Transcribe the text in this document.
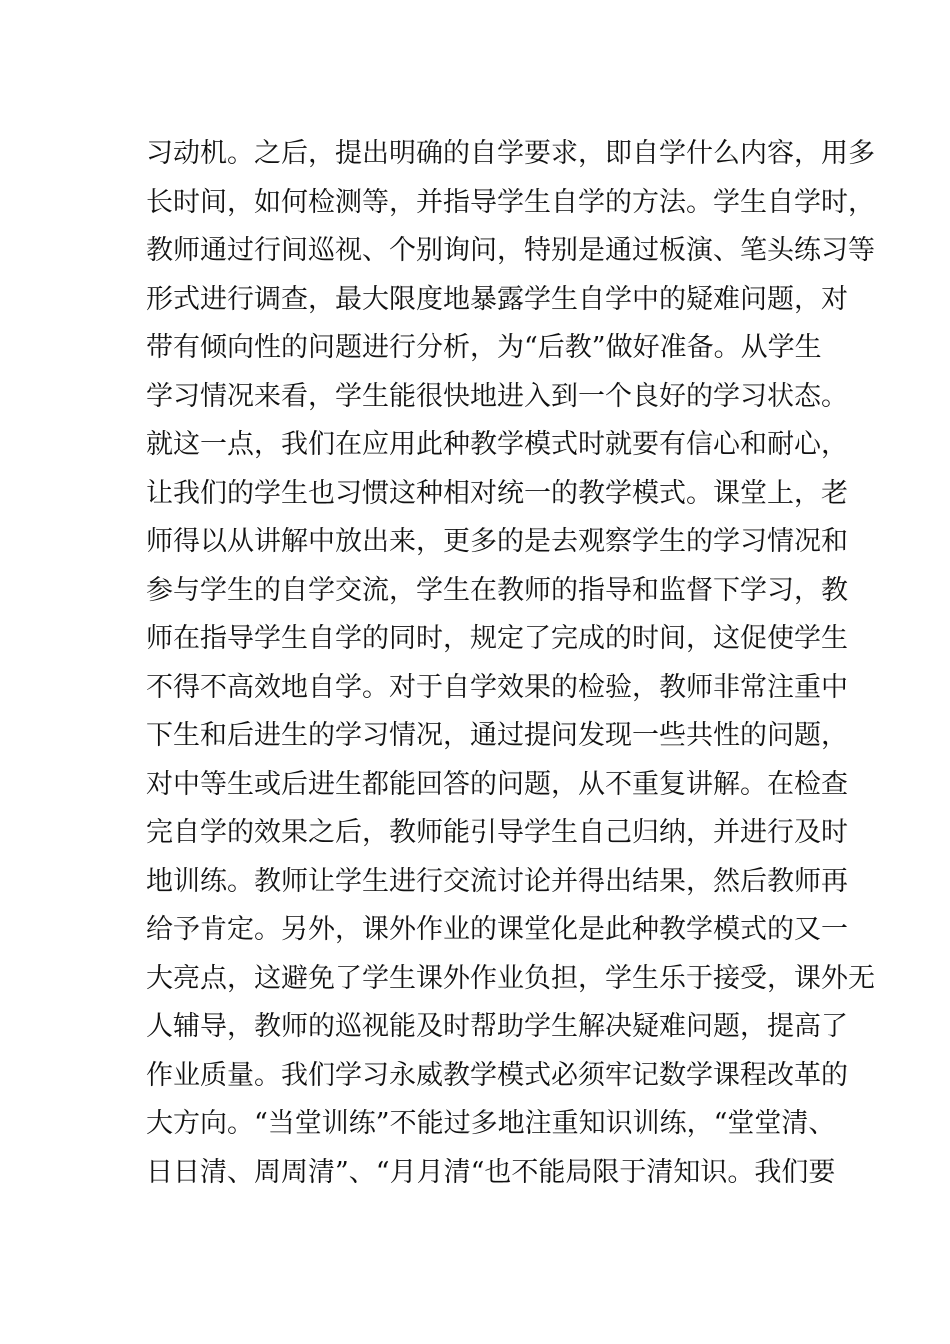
习动机。之后，提出明确的自学要求，即自学什么内容，用多
长时间，如何检测等，并指导学生自学的方法。学生自学时，
教师通过行间巡视、个别询问，特别是通过板演、笔头练习等
形式进行调查，最大限度地暴露学生自学中的疑难问题，对
带有倾向性的问题进行分析，为“后教”做好准备。从学生
学习情况来看，学生能很快地进入到一个良好的学习状态。
就这一点，我们在应用此种教学模式时就要有信心和耐心，
让我们的学生也习惯这种相对统一的教学模式。课堂上，老
师得以从讲解中放出来，更多的是去观察学生的学习情况和
参与学生的自学交流，学生在教师的指导和监督下学习，教
师在指导学生自学的同时，规定了完成的时间，这促使学生
不得不高效地自学。对于自学效果的检验，教师非常注重中
下生和后进生的学习情况，通过提问发现一些共性的问题，
对中等生或后进生都能回答的问题，从不重复讲解。在检查
完自学的效果之后，教师能引导学生自己归纳，并进行及时
地训练。教师让学生进行交流讨论并得出结果，然后教师再
给予肯定。另外，课外作业的课堂化是此种教学模式的又一
大亮点，这避免了学生课外作业负担，学生乐于接受，课外无
人辅导，教师的巡视能及时帮助学生解决疑难问题，提高了
作业质量。我们学习永威教学模式必须牢记数学课程改革的
大方向。“当堂训练”不能过多地注重知识训练，“堂堂清、
日日清、周周清”、“月月清“也不能局限于清知识。我们要
